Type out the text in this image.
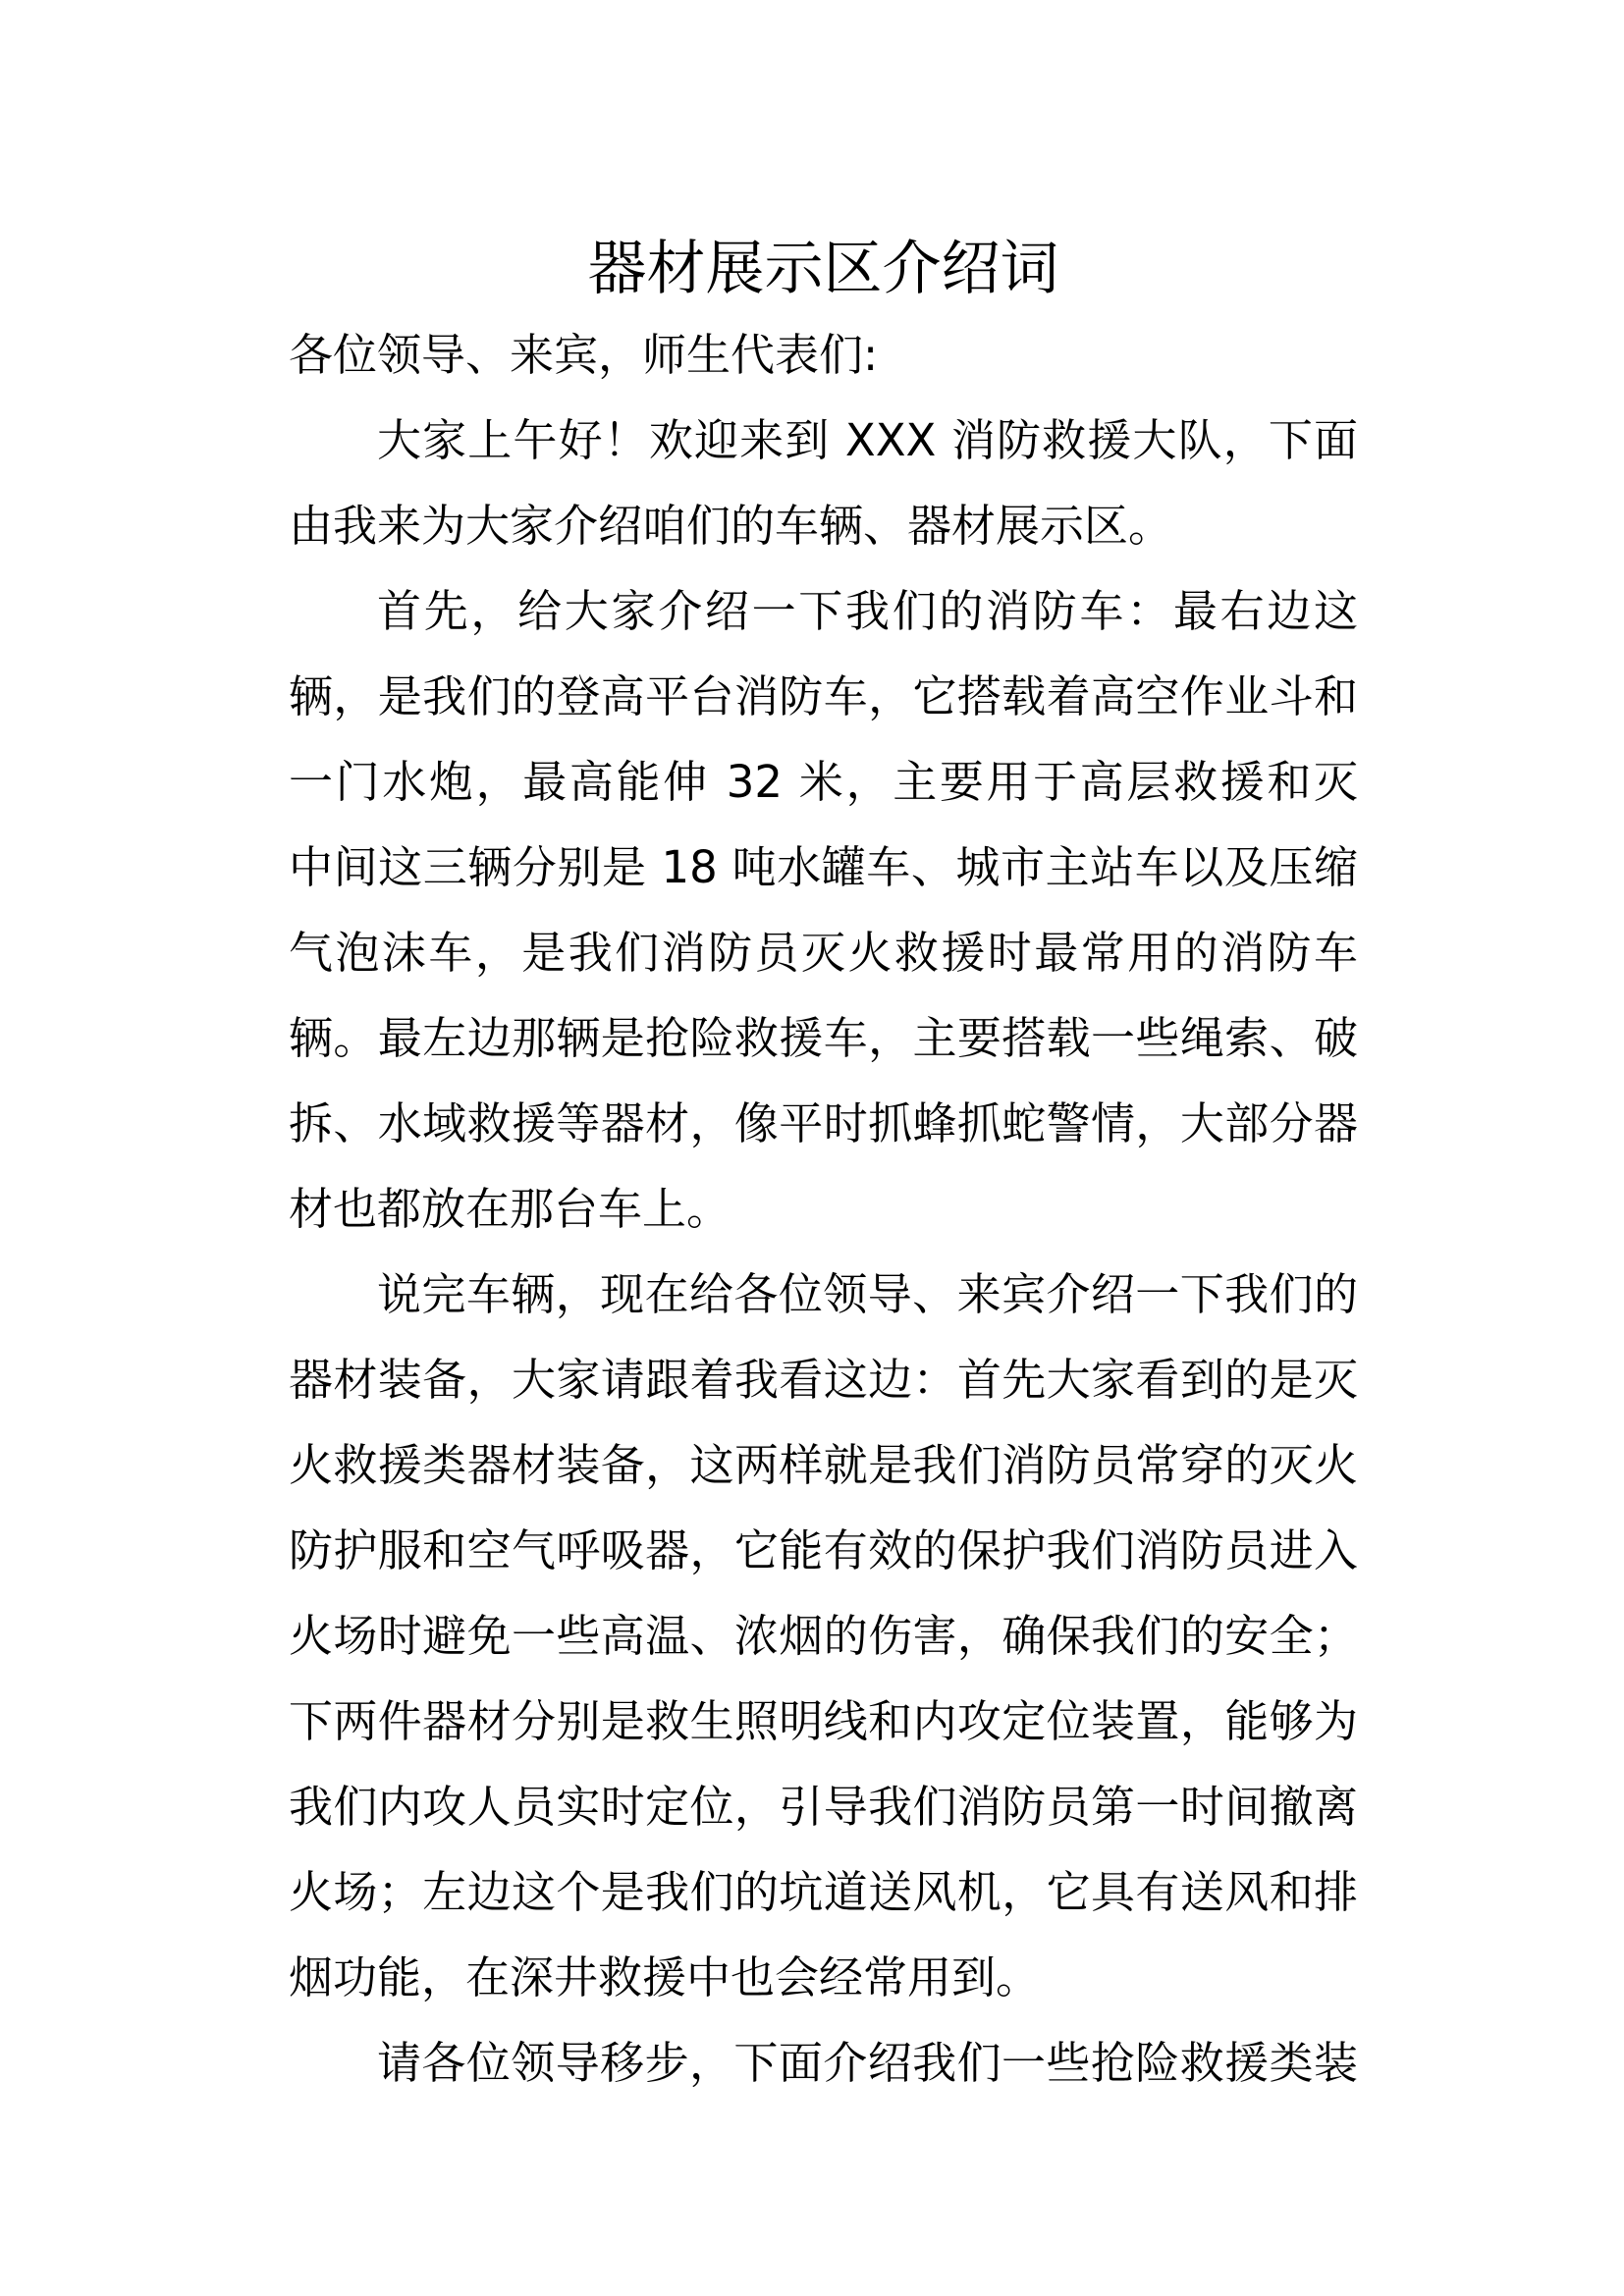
器材展示区介绍词
各位领导、来宾，师生代表们:
大家上午好！欢迎来到 XXX 消防救援大队，下面
由我来为大家介绍咱们的车辆、器材展示区。
首先，给大家介绍一下我们的消防车：最右边这
辆，是我们的登高平台消防车，它搭载着高空作业斗和
一门水炮，最高能伸 32 米，主要用于高层救援和灭
中间这三辆分别是 18 吨水罐车、城市主站车以及压缩
气泡沫车，是我们消防员灭火救援时最常用的消防车
辆。最左边那辆是抢险救援车，主要搭载一些绳索、破
拆、水域救援等器材，像平时抓蜂抓蛇警情，大部分器
材也都放在那台车上。
说完车辆，现在给各位领导、来宾介绍一下我们的
器材装备，大家请跟着我看这边：首先大家看到的是灭
火救援类器材装备，这两样就是我们消防员常穿的灭火
防护服和空气呼吸器，它能有效的保护我们消防员进入
火场时避免一些高温、浓烟的伤害，确保我们的安全；
下两件器材分别是救生照明线和内攻定位装置，能够为
我们内攻人员实时定位，引导我们消防员第一时间撤离
火场；左边这个是我们的坑道送风机，它具有送风和排
烟功能，在深井救援中也会经常用到。
请各位领导移步，下面介绍我们一些抢险救援类装
